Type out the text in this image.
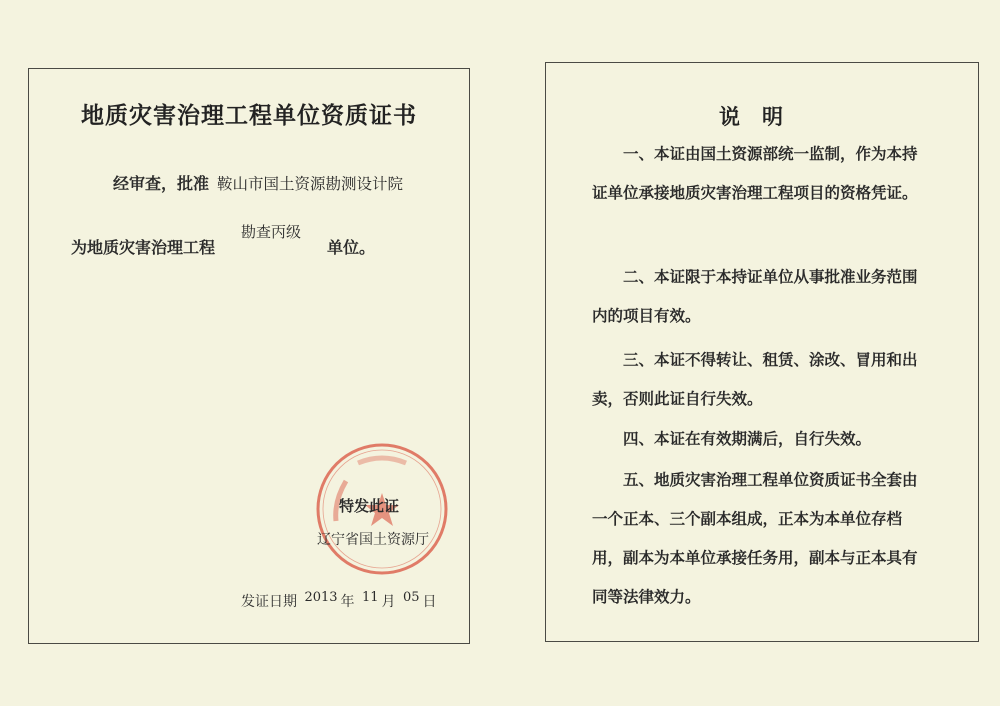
地质灾害治理工程单位资质证书
经审查，批准 鞍山市国土资源勘测设计院
为地质灾害治理工程
勘查丙级
单位。
特发此证
辽宁省国土资源厅
发证日期 2013 年 11 月 05 日
说明

一、本证由国土资源部统一监制，作为本持证单位承接地质灾害治理工程项目的资格凭证。

二、本证限于本持证单位从事批准业务范围内的项目有效。

三、本证不得转让、租赁、涂改、冒用和出卖，否则此证自行失效。

四、本证在有效期满后，自行失效。

五、地质灾害治理工程单位资质证书全套由一个正本、三个副本组成，正本为本单位存档用，副本为本单位承接任务用，副本与正本具有同等法律效力。
